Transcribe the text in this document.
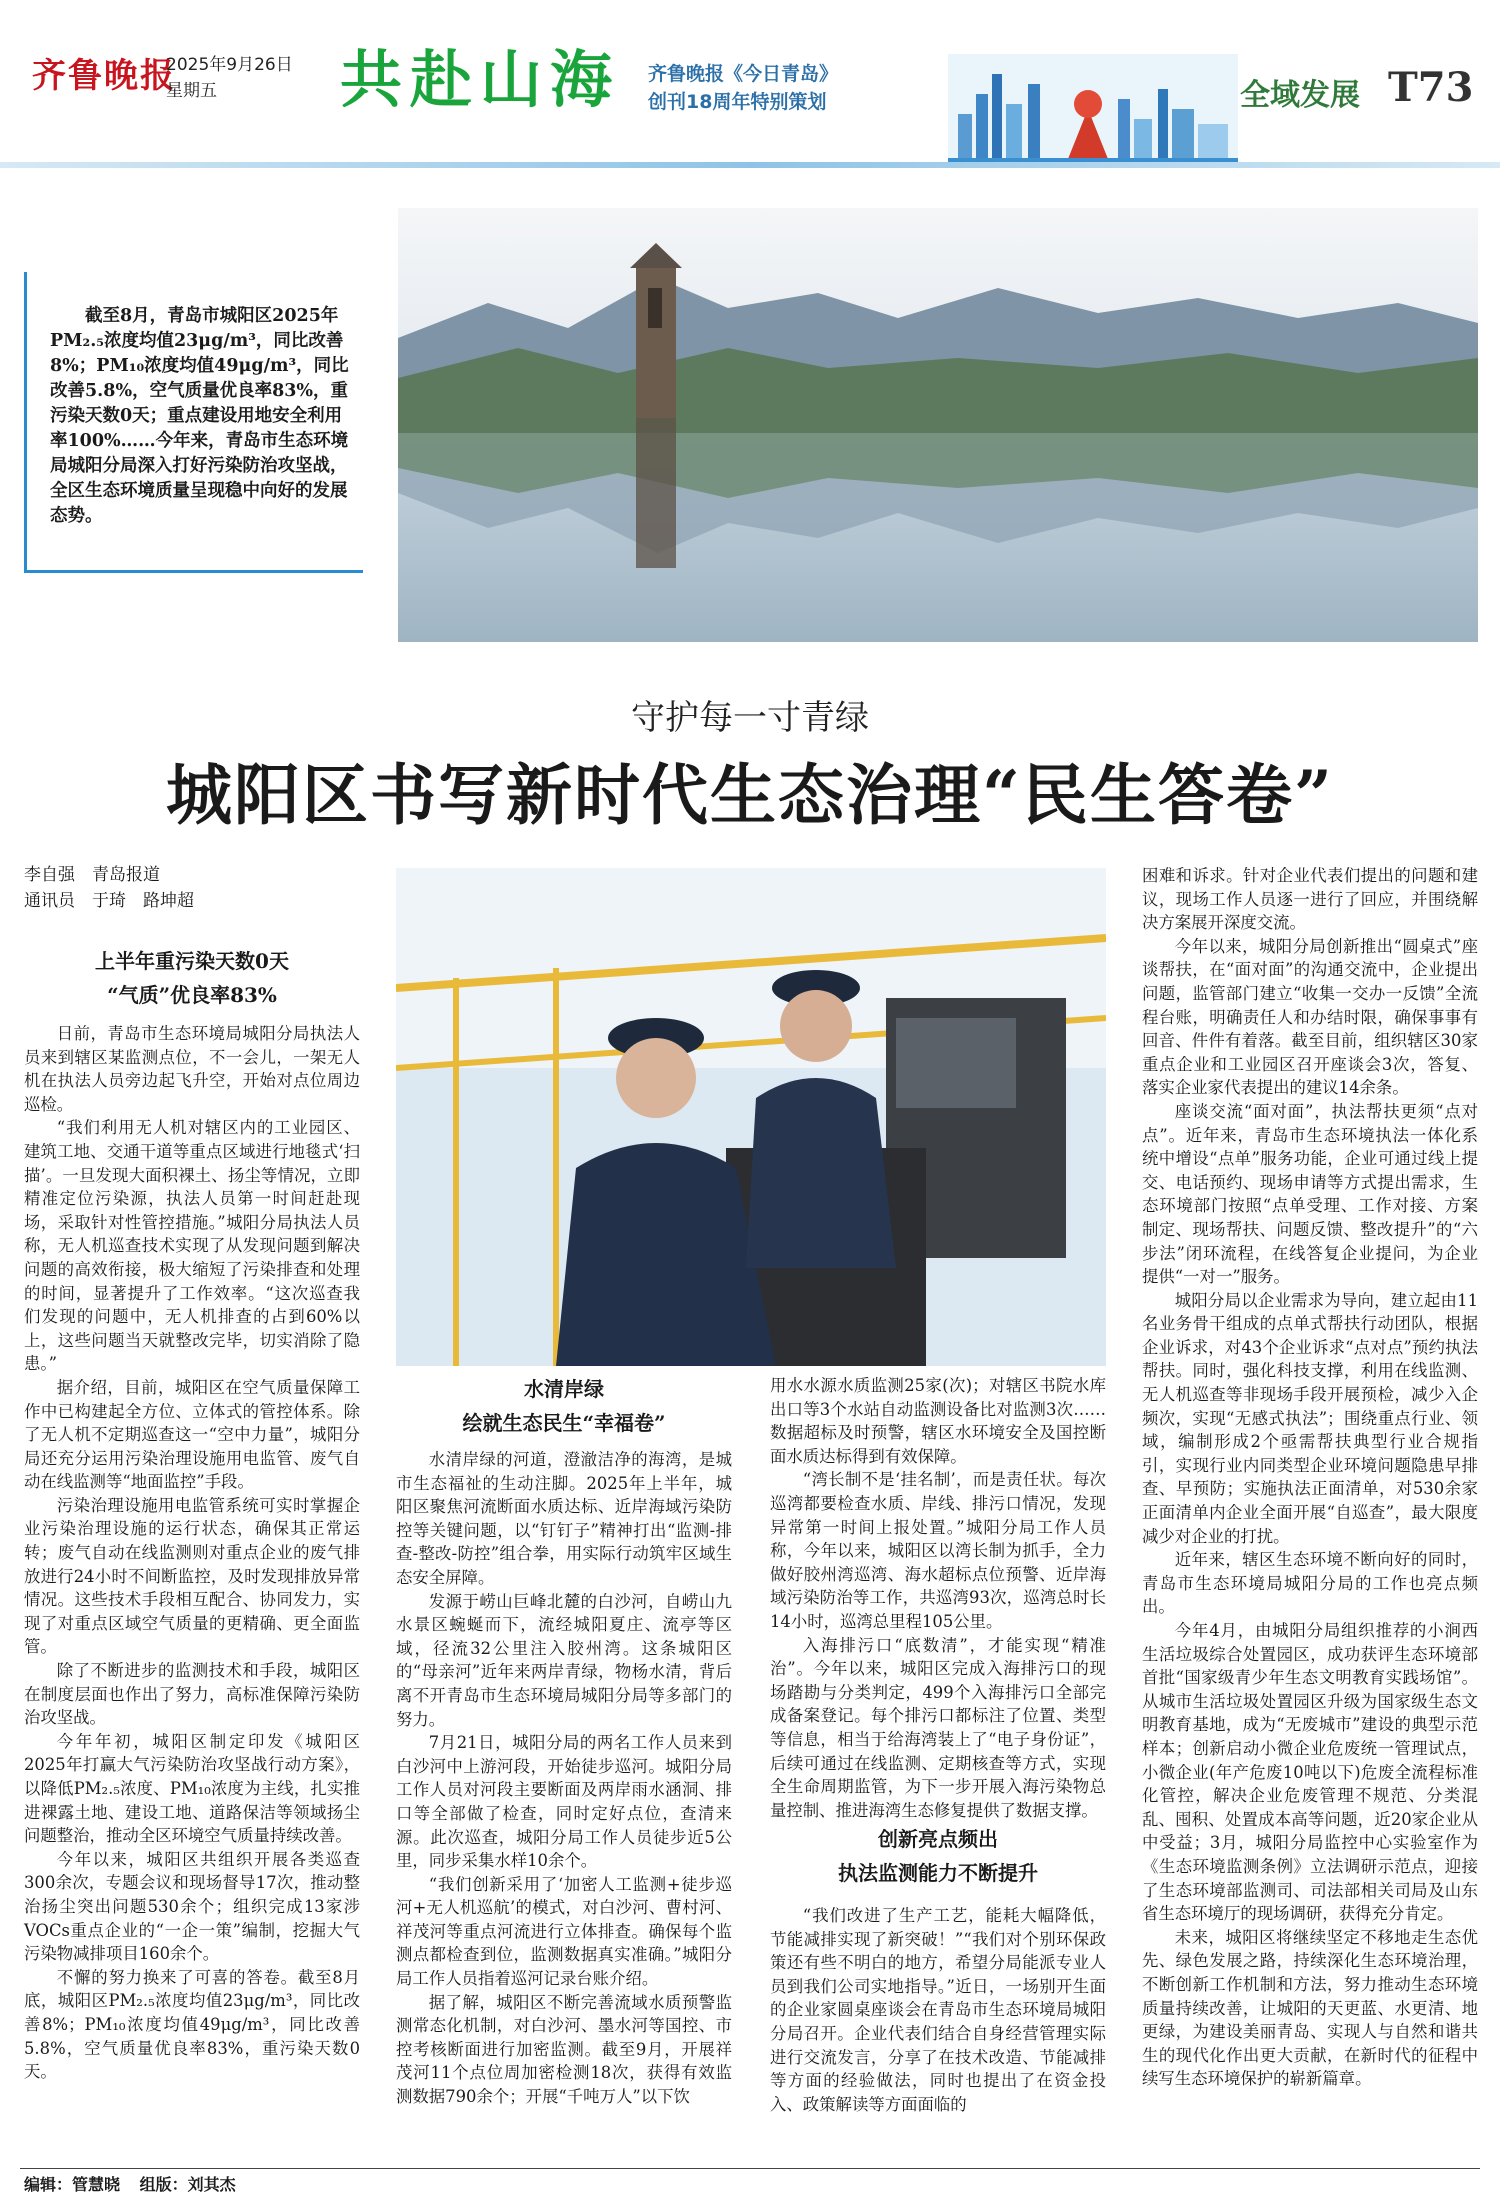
齐鲁晚报
2025年9月26日
星期五	共赴山海 齐鲁晚报《今日青岛》
创刊18周年特别策划	全域发展 T73
截至8月，青岛市城阳区2025年PM₂.₅浓度均值23μg/m³，同比改善8%；PM₁₀浓度均值49μg/m³，同比改善5.8%，空气质量优良率83%，重污染天数0天；重点建设用地安全利用率100%……今年来，青岛市生态环境局城阳分局深入打好污染防治攻坚战，全区生态环境质量呈现稳中向好的发展态势。
守护每一寸青绿
城阳区书写新时代生态治理“民生答卷”
李自强　青岛报道
通讯员　于琦　路坤超
上半年重污染天数0天
“气质”优良率83%

日前，青岛市生态环境局城阳分局执法人员来到辖区某监测点位，不一会儿，一架无人机在执法人员旁边起飞升空，开始对点位周边巡检。

“我们利用无人机对辖区内的工业园区、建筑工地、交通干道等重点区域进行地毯式‘扫描’。一旦发现大面积裸土、扬尘等情况，立即精准定位污染源，执法人员第一时间赶赴现场，采取针对性管控措施。”城阳分局执法人员称，无人机巡查技术实现了从发现问题到解决问题的高效衔接，极大缩短了污染排查和处理的时间，显著提升了工作效率。“这次巡查我们发现的问题中，无人机排查的占到60%以上，这些问题当天就整改完毕，切实消除了隐患。”

据介绍，目前，城阳区在空气质量保障工作中已构建起全方位、立体式的管控体系。除了无人机不定期巡查这一“空中力量”，城阳分局还充分运用污染治理设施用电监管、废气自动在线监测等“地面监控”手段。

污染治理设施用电监管系统可实时掌握企业污染治理设施的运行状态，确保其正常运转；废气自动在线监测则对重点企业的废气排放进行24小时不间断监控，及时发现排放异常情况。这些技术手段相互配合、协同发力，实现了对重点区域空气质量的更精确、更全面监管。

除了不断进步的监测技术和手段，城阳区在制度层面也作出了努力，高标准保障污染防治攻坚战。

今年年初，城阳区制定印发《城阳区2025年打赢大气污染防治攻坚战行动方案》，以降低PM₂.₅浓度、PM₁₀浓度为主线，扎实推进裸露土地、建设工地、道路保洁等领域扬尘问题整治，推动全区环境空气质量持续改善。

今年以来，城阳区共组织开展各类巡查300余次，专题会议和现场督导17次，推动整治扬尘突出问题530余个；组织完成13家涉VOCs重点企业的“一企一策”编制，挖掘大气污染物减排项目160余个。

不懈的努力换来了可喜的答卷。截至8月底，城阳区PM₂.₅浓度均值23μg/m³，同比改善8%；PM₁₀浓度均值49μg/m³，同比改善5.8%，空气质量优良率83%，重污染天数0天。

水清岸绿
绘就生态民生“幸福卷”

水清岸绿的河道，澄澈洁净的海湾，是城市生态福祉的生动注脚。2025年上半年，城阳区聚焦河流断面水质达标、近岸海域污染防控等关键问题，以“钉钉子”精神打出“监测-排查-整改-防控”组合拳，用实际行动筑牢区域生态安全屏障。

发源于崂山巨峰北麓的白沙河，自崂山九水景区蜿蜒而下，流经城阳夏庄、流亭等区域，径流32公里注入胶州湾。这条城阳区的“母亲河”近年来两岸青绿，物杨水清，背后离不开青岛市生态环境局城阳分局等多部门的努力。

7月21日，城阳分局的两名工作人员来到白沙河中上游河段，开始徒步巡河。城阳分局工作人员对河段主要断面及两岸雨水涵洞、排口等全部做了检查，同时定好点位，查清来源。此次巡查，城阳分局工作人员徒步近5公里，同步采集水样10余个。

“我们创新采用了‘加密人工监测+徒步巡河+无人机巡航’的模式，对白沙河、曹村河、祥茂河等重点河流进行立体排查。确保每个监测点都检查到位，监测数据真实准确。”城阳分局工作人员指着巡河记录台账介绍。

据了解，城阳区不断完善流域水质预警监测常态化机制，对白沙河、墨水河等国控、市控考核断面进行加密监测。截至9月，开展祥茂河11个点位周加密检测18次，获得有效监测数据790余个；开展“千吨万人”以下饮

用水水源水质监测25家(次)；对辖区书院水库出口等3个水站自动监测设备比对监测3次……数据超标及时预警，辖区水环境安全及国控断面水质达标得到有效保障。

“湾长制不是‘挂名制’，而是责任状。每次巡湾都要检查水质、岸线、排污口情况，发现异常第一时间上报处置。”城阳分局工作人员称，今年以来，城阳区以湾长制为抓手，全力做好胶州湾巡湾、海水超标点位预警、近岸海域污染防治等工作，共巡湾93次，巡湾总时长14小时，巡湾总里程105公里。

入海排污口“底数清”，才能实现“精准治”。今年以来，城阳区完成入海排污口的现场踏勘与分类判定，499个入海排污口全部完成备案登记。每个排污口都标注了位置、类型等信息，相当于给海湾装上了“电子身份证”，后续可通过在线监测、定期核查等方式，实现全生命周期监管，为下一步开展入海污染物总量控制、推进海湾生态修复提供了数据支撑。

创新亮点频出
执法监测能力不断提升

“我们改进了生产工艺，能耗大幅降低，节能减排实现了新突破！”“我们对个别环保政策还有些不明白的地方，希望分局能派专业人员到我们公司实地指导。”近日，一场别开生面的企业家圆桌座谈会在青岛市生态环境局城阳分局召开。企业代表们结合自身经营管理实际进行交流发言，分享了在技术改造、节能减排等方面的经验做法，同时也提出了在资金投入、政策解读等方面面临的

困难和诉求。针对企业代表们提出的问题和建议，现场工作人员逐一进行了回应，并围绕解决方案展开深度交流。

今年以来，城阳分局创新推出“圆桌式”座谈帮扶，在“面对面”的沟通交流中，企业提出问题，监管部门建立“收集一交办一反馈”全流程台账，明确责任人和办结时限，确保事事有回音、件件有着落。截至目前，组织辖区30家重点企业和工业园区召开座谈会3次，答复、落实企业家代表提出的建议14余条。

座谈交流“面对面”，执法帮扶更须“点对点”。近年来，青岛市生态环境执法一体化系统中增设“点单”服务功能，企业可通过线上提交、电话预约、现场申请等方式提出需求，生态环境部门按照“点单受理、工作对接、方案制定、现场帮扶、问题反馈、整改提升”的“六步法”闭环流程，在线答复企业提问，为企业提供“一对一”服务。

城阳分局以企业需求为导向，建立起由11名业务骨干组成的点单式帮扶行动团队，根据企业诉求，对43个企业诉求“点对点”预约执法帮扶。同时，强化科技支撑，利用在线监测、无人机巡查等非现场手段开展预检，减少入企频次，实现“无感式执法”；围绕重点行业、领域，编制形成2个亟需帮扶典型行业合规指引，实现行业内同类型企业环境问题隐患早排查、早预防；实施执法正面清单，对530余家正面清单内企业全面开展“自巡查”，最大限度减少对企业的打扰。

近年来，辖区生态环境不断向好的同时，青岛市生态环境局城阳分局的工作也亮点频出。

今年4月，由城阳分局组织推荐的小涧西生活垃圾综合处置园区，成功获评生态环境部首批“国家级青少年生态文明教育实践场馆”。从城市生活垃圾处置园区升级为国家级生态文明教育基地，成为“无废城市”建设的典型示范样本；创新启动小微企业危废统一管理试点，小微企业(年产危废10吨以下)危废全流程标准化管控，解决企业危废管理不规范、分类混乱、囤积、处置成本高等问题，近20家企业从中受益；3月，城阳分局监控中心实验室作为《生态环境监测条例》立法调研示范点，迎接了生态环境部监测司、司法部相关司局及山东省生态环境厅的现场调研，获得充分肯定。

未来，城阳区将继续坚定不移地走生态优先、绿色发展之路，持续深化生态环境治理，不断创新工作机制和方法，努力推动生态环境质量持续改善，让城阳的天更蓝、水更清、地更绿，为建设美丽青岛、实现人与自然和谐共生的现代化作出更大贡献，在新时代的征程中续写生态环境保护的崭新篇章。

编辑：管慧晓 组版：刘其杰
